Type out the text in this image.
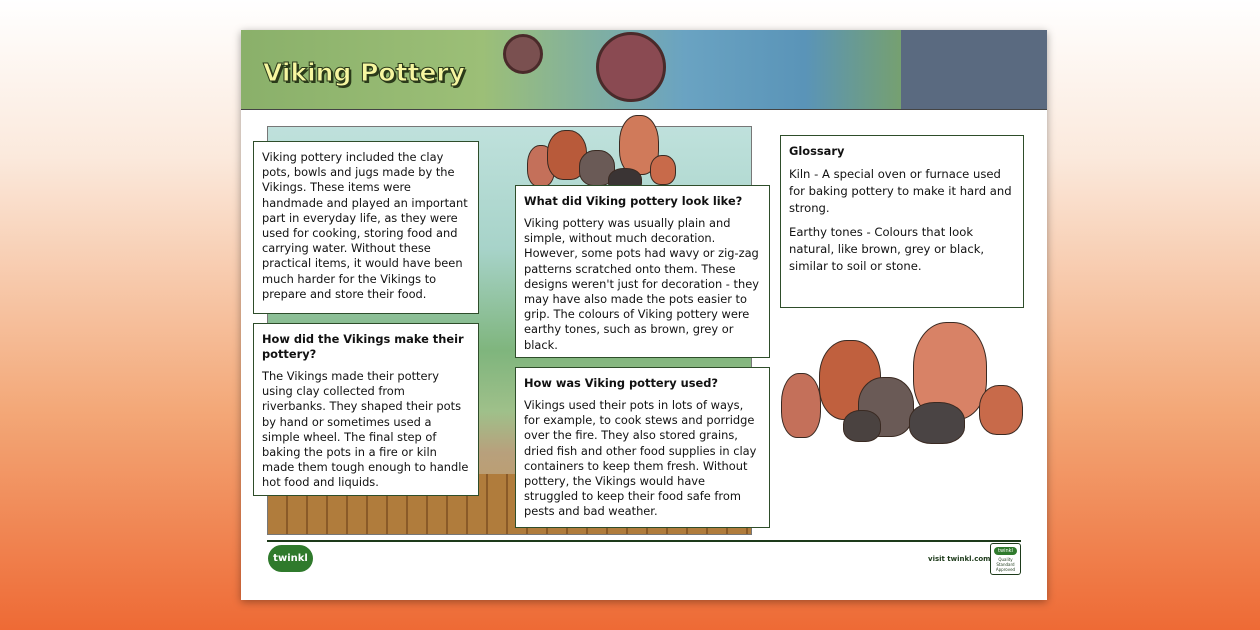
Viking Pottery

Viking pottery included the clay pots, bowls and jugs made by the Vikings. These items were handmade and played an important part in everyday life, as they were used for cooking, storing food and carrying water. Without these practical items, it would have been much harder for the Vikings to prepare and store their food.

How did the Vikings make their pottery?

The Vikings made their pottery using clay collected from riverbanks. They shaped their pots by hand or sometimes used a simple wheel. The final step of baking the pots in a fire or kiln made them tough enough to handle hot food and liquids.

What did Viking pottery look like?

Viking pottery was usually plain and simple, without much decoration. However, some pots had wavy or zig-zag patterns scratched onto them. These designs weren't just for decoration - they may have also made the pots easier to grip. The colours of Viking pottery were earthy tones, such as brown, grey or black.

How was Viking pottery used?

Vikings used their pots in lots of ways, for example, to cook stews and porridge over the fire. They also stored grains, dried fish and other food supplies in clay containers to keep them fresh. Without pottery, the Vikings would have struggled to keep their food safe from pests and bad weather.

Glossary

Kiln - A special oven or furnace used for baking pottery to make it hard and strong.

Earthy tones - Colours that look natural, like brown, grey or black, similar to soil or stone.

twinkl	visit twinkl.com
twinkl
Quality Standard Approved
